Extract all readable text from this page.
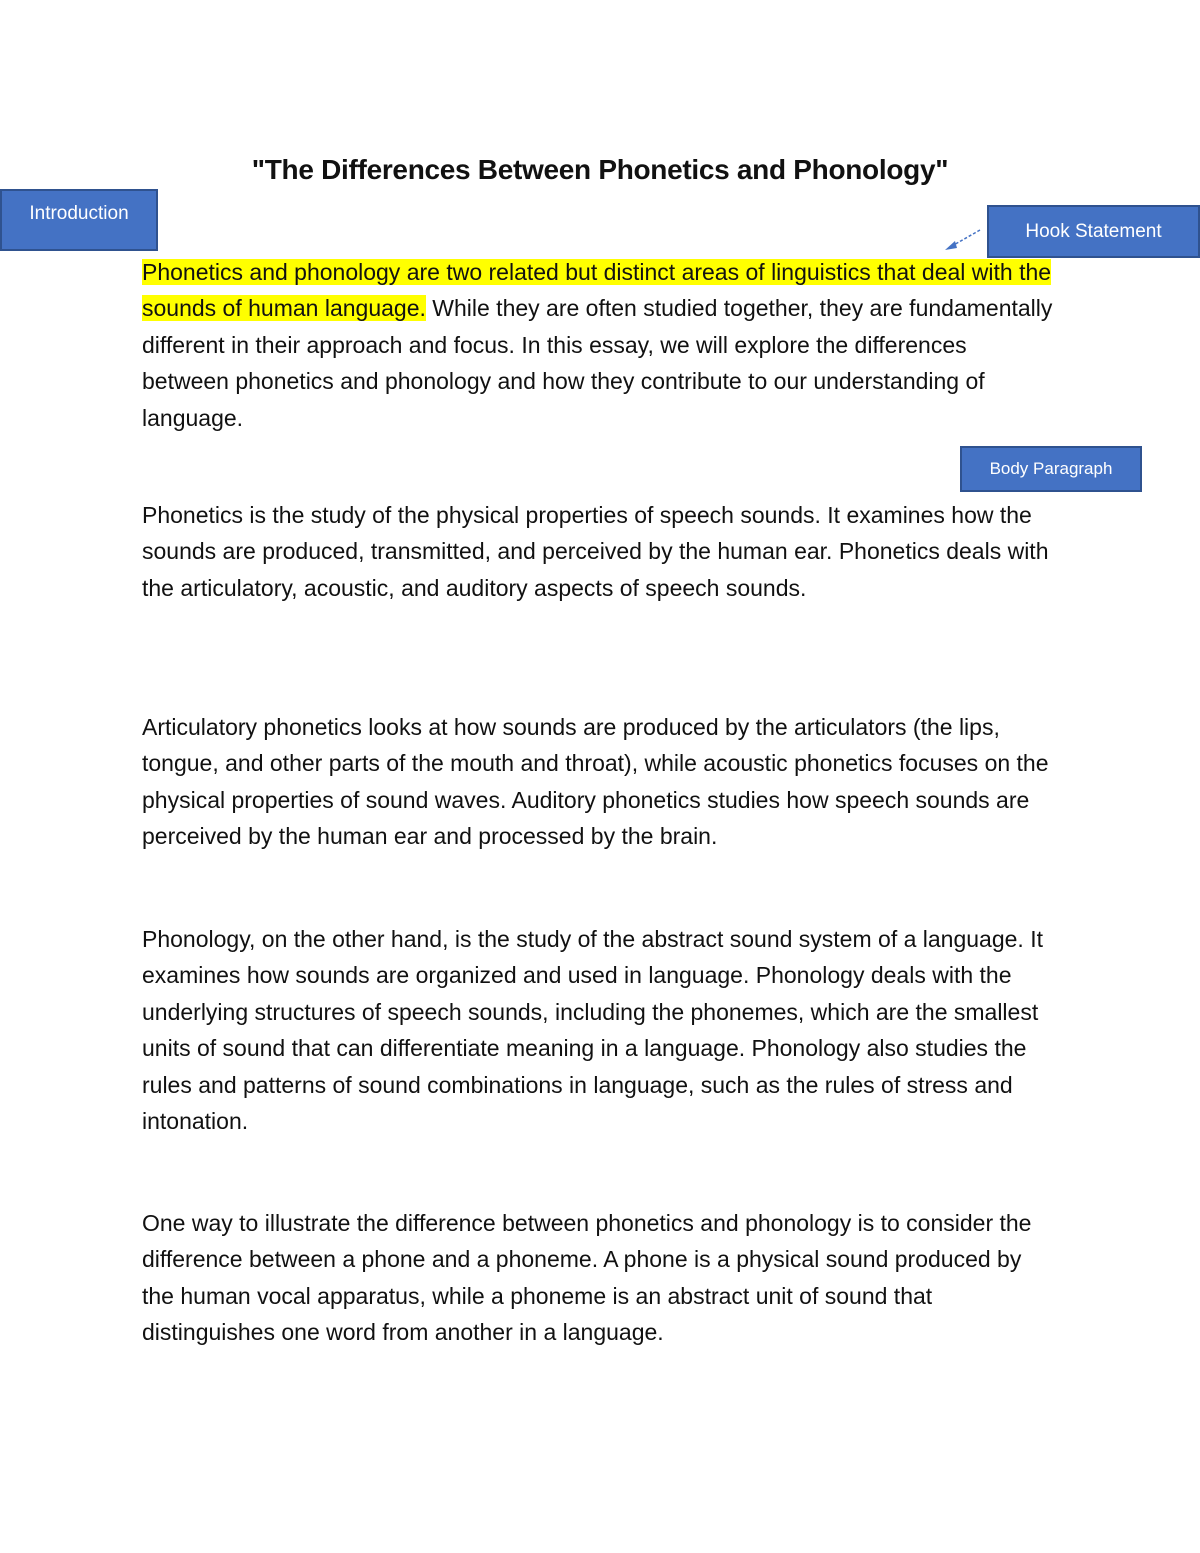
"The Differences Between Phonetics and Phonology"
Introduction
Hook Statement

Phonetics and phonology are two related but distinct areas of linguistics that deal with the sounds of human language. While they are often studied together, they are fundamentally different in their approach and focus. In this essay, we will explore the differences between phonetics and phonology and how they contribute to our understanding of language.

Body Paragraph

Phonetics is the study of the physical properties of speech sounds. It examines how the sounds are produced, transmitted, and perceived by the human ear. Phonetics deals with the articulatory, acoustic, and auditory aspects of speech sounds.

Articulatory phonetics looks at how sounds are produced by the articulators (the lips, tongue, and other parts of the mouth and throat), while acoustic phonetics focuses on the physical properties of sound waves. Auditory phonetics studies how speech sounds are perceived by the human ear and processed by the brain.

Phonology, on the other hand, is the study of the abstract sound system of a language. It examines how sounds are organized and used in language. Phonology deals with the underlying structures of speech sounds, including the phonemes, which are the smallest units of sound that can differentiate meaning in a language. Phonology also studies the rules and patterns of sound combinations in language, such as the rules of stress and intonation.

One way to illustrate the difference between phonetics and phonology is to consider the difference between a phone and a phoneme. A phone is a physical sound produced by the human vocal apparatus, while a phoneme is an abstract unit of sound that distinguishes one word from another in a language.
